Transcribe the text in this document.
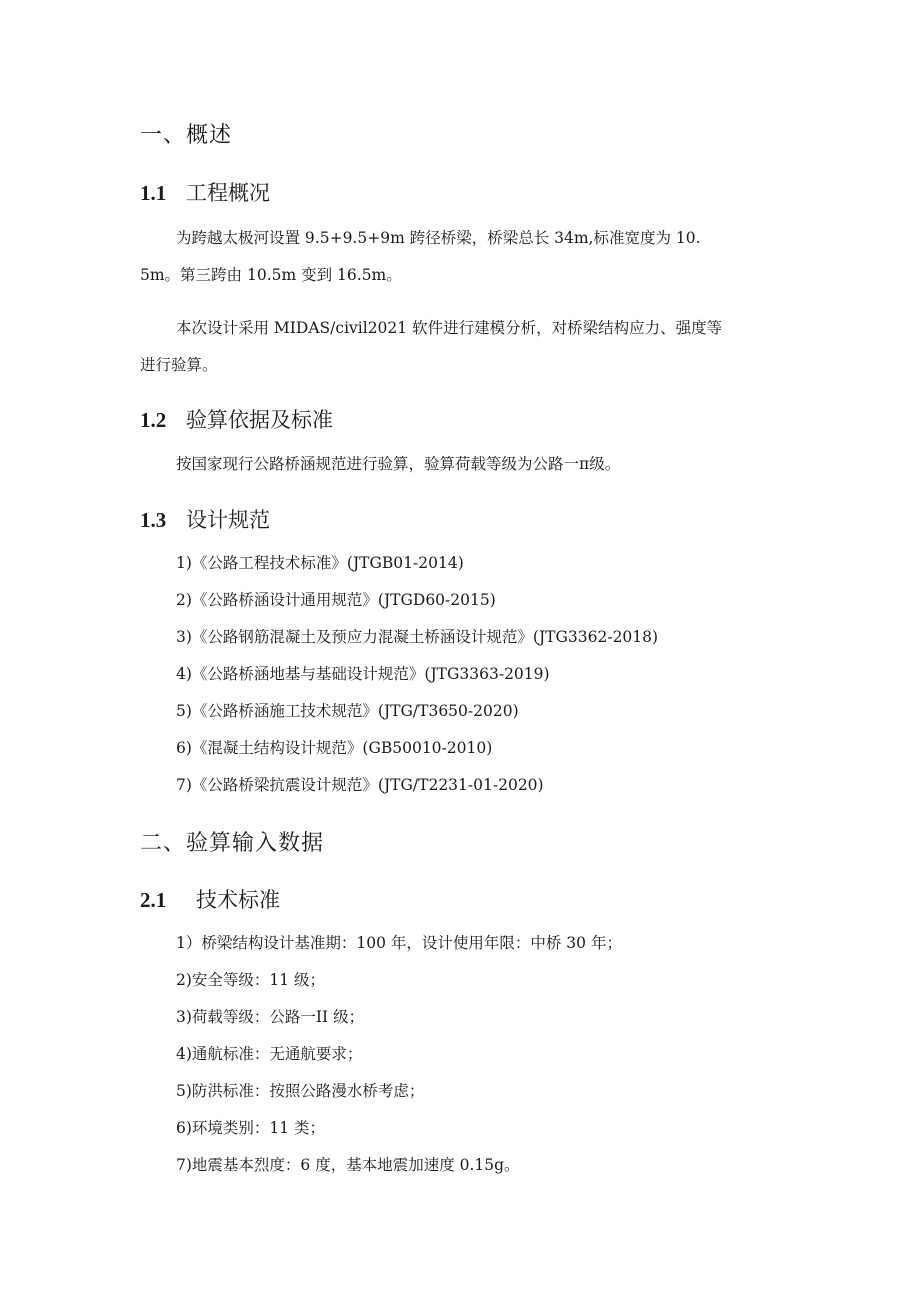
一、概述
1.1 工程概况
为跨越太极河设置 9.5+9.5+9m 跨径桥梁，桥梁总长 34m,标准宽度为 10.
5m。第三跨由 10.5m 变到 16.5m。
本次设计采用 MIDAS/civil2021 软件进行建模分析，对桥梁结构应力、强度等
进行验算。
1.2 验算依据及标准
按国家现行公路桥涵规范进行验算，验算荷载等级为公路一π级。
1.3 设计规范
1)《公路工程技术标准》(JTGB01-2014)
2)《公路桥涵设计通用规范》(JTGD60-2015)
3)《公路钢筋混凝土及预应力混凝土桥涵设计规范》(JTG3362-2018)
4)《公路桥涵地基与基础设计规范》(JTG3363-2019)
5)《公路桥涵施工技术规范》(JTG/T3650-2020)
6)《混凝土结构设计规范》(GB50010-2010)
7)《公路桥梁抗震设计规范》(JTG/T2231-01-2020)
二、验算输入数据
2.1 技术标准
1）桥梁结构设计基准期：100 年，设计使用年限：中桥 30 年；
2)安全等级：11 级；
3)荷载等级：公路一II 级；
4)通航标准：无通航要求；
5)防洪标准：按照公路漫水桥考虑；
6)环境类别：11 类；
7)地震基本烈度：6 度，基本地震加速度 0.15g。
